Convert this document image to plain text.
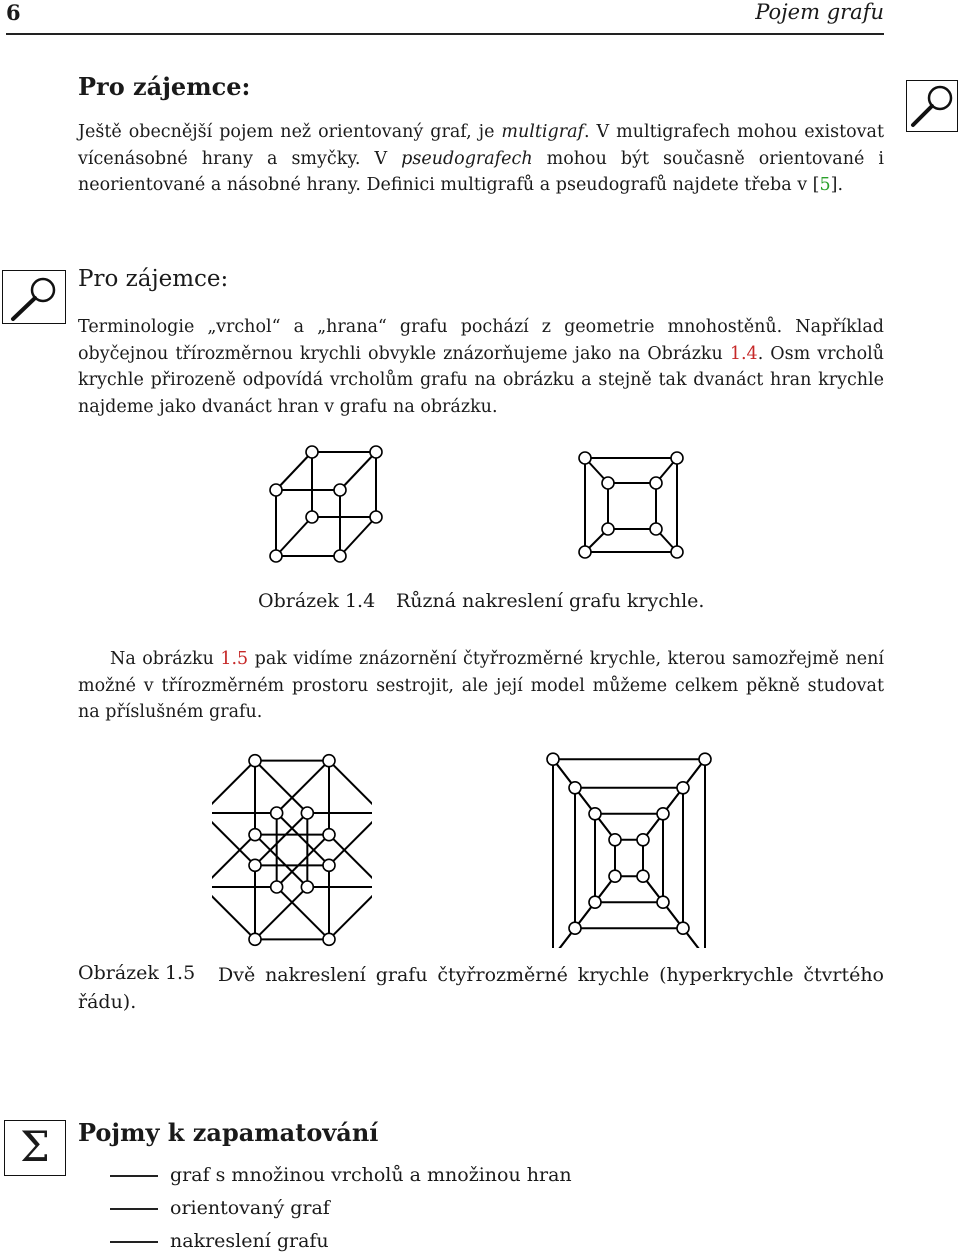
6	Pojem grafu
Pro zájemce:
Ještě obecnější pojem než orientovaný graf, je multigraf. V multigrafech mohou existovat vícenásobné hrany a smyčky. V pseudografech mohou být současně orientované i neorientované a násobné hrany. Definici multigrafů a pseudografů najdete třeba v [5].
Pro zájemce:
Terminologie „vrchol“ a „hrana“ grafu pochází z geometrie mnohostěnů. Například obyčejnou třírozměrnou krychli obvykle znázorňujeme jako na Obrázku 1.4. Osm vrcholů krychle přirozeně odpovídá vrcholům grafu na obrázku a stejně tak dvanáct hran krychle najdeme jako dvanáct hran v grafu na obrázku.
Obrázek 1.4 Různá nakreslení grafu krychle.
Na obrázku 1.5 pak vidíme znázornění čtyřrozměrné krychle, kterou samozřejmě není možné v třírozměrném prostoru sestrojit, ale její model můžeme celkem pěkně studovat na příslušném grafu.
Obrázek 1.5	Dvě nakreslení grafu čtyřrozměrné krychle (hyperkrychle čtvrtého řádu).
Σ	Pojmy k zapamatování
graf s množinou vrcholů a množinou hran
orientovaný graf
nakreslení grafu
